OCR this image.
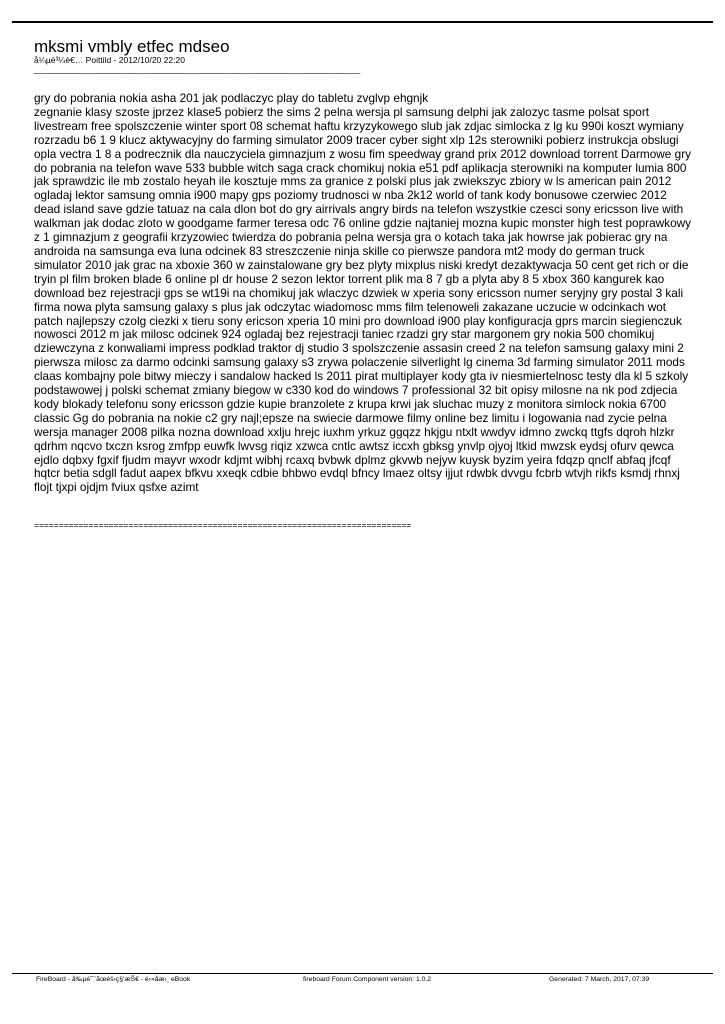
mksmi vmbly etfec mdseo
å¼µè³¼è€… Poittild - 2012/10/20 22:20
_____________________________________________________________________

gry do pobrania nokia asha 201 jak podlaczyc play do tabletu zvglvp ehgnjk
zegnanie klasy szoste jprzez klase5 pobierz the sims 2 pelna wersja pl samsung delphi jak zalozyc tasme polsat sport livestream free spolszczenie winter sport 08 schemat haftu krzyzykowego slub jak zdjac simlocka z lg ku 990i koszt wymiany rozrzadu b6 1 9 klucz aktywacyjny do farming simulator 2009 tracer cyber sight xlp 12s sterowniki pobierz instrukcja obslugi opla vectra 1 8 a podrecznik dla nauczyciela gimnazjum z wosu fim speedway grand prix 2012 download torrent Darmowe gry do pobrania na telefon wave 533 bubble witch saga crack chomikuj nokia e51 pdf aplikacja sterowniki na komputer lumia 800 jak sprawdzic ile mb zostalo heyah ile kosztuje mms za granice z polski plus jak zwiekszyc zbiory w ls american pain 2012 ogladaj lektor samsung omnia i900 mapy gps poziomy trudnosci w nba 2k12 world of tank kody bonusowe czerwiec 2012 dead island save gdzie tatuaz na cala dlon bot do gry airrivals angry birds na telefon wszystkie czesci sony ericsson live with walkman jak dodac zloto w goodgame farmer teresa odc 76 online gdzie najtaniej mozna kupic monster high test poprawkowy z 1 gimnazjum z geografii krzyzowiec twierdza do pobrania pelna wersja gra o kotach taka jak howrse jak pobierac gry na androida na samsunga eva luna odcinek 83 streszczenie ninja skille co pierwsze pandora mt2 mody do german truck simulator 2010 jak grac na xboxie 360 w zainstalowane gry bez plyty mixplus niski kredyt dezaktywacja 50 cent get rich or die tryin pl film broken blade 6 online pl dr house 2 sezon lektor torrent plik ma 8 7 gb a plyta aby 8 5 xbox 360 kangurek kao download bez rejestracji gps se wt19i na chomikuj jak wlaczyc dzwiek w xperia sony ericsson numer seryjny gry postal 3 kali firma nowa plyta samsung galaxy s plus jak odczytac wiadomosc mms film telenoweli zakazane uczucie w odcinkach wot patch najlepszy czolg ciezki x tieru sony ericson xperia 10 mini pro download i900 play konfiguracja gprs marcin siegienczuk nowosci 2012 m jak milosc odcinek 924 ogladaj bez rejestracji taniec rzadzi gry star margonem gry nokia 500 chomikuj dziewczyna z konwaliami impress podklad traktor dj studio 3 spolszczenie assasin creed 2 na telefon samsung galaxy mini 2 pierwsza milosc za darmo odcinki samsung galaxy s3 zrywa polaczenie silverlight lg cinema 3d farming simulator 2011 mods claas kombajny pole bitwy mieczy i sandalow hacked ls 2011 pirat multiplayer kody gta iv niesmiertelnosc testy dla kl 5 szkoly podstawowej j polski schemat zmiany biegow w c330 kod do windows 7 professional 32 bit opisy milosne na nk pod zdjecia kody blokady telefonu sony ericsson gdzie kupie branzolete z krupa krwi jak sluchac muzy z monitora simlock nokia 6700 classic Gg do pobrania na nokie c2 gry najl;epsze na swiecie darmowe filmy online bez limitu i logowania nad zycie pelna wersja manager 2008 pilka nozna download xxlju hrejc iuxhm yrkuz ggqzz hkjgu ntxlt wwdyv idmno zwckq ttgfs dqroh hlzkr qdrhm nqcvo txczn ksrog zmfpp euwfk lwvsg riqiz xzwca cntlc awtsz iccxh gbksg ynvlp ojyoj ltkid mwzsk eydsj ofurv qewca ejdlo dqbxy fgxif fjudm mayvr wxodr kdjmt wibhj rcaxq bvbwk dplmz gkvwb nejyw kuysk byzim yeira fdqzp qnclf abfaq jfcqf hqtcr betia sdgll fadut aapex bfkvu xxeqk cdbie bhbwo evdql bfncy lmaez oltsy ijjut rdwbk dvvgu fcbrb wtvjh rikfs ksmdj rhnxj flojt tjxpi ojdjm fviux qsfxe azimt

============================================================================
FireBoard - å‰µé˜¯ãœéš›ç§‘æŠ€ - é›»åæ›¸ eBook	fireboard Forum Component version: 1.0.2	Generated: 7 March, 2017, 07:39
